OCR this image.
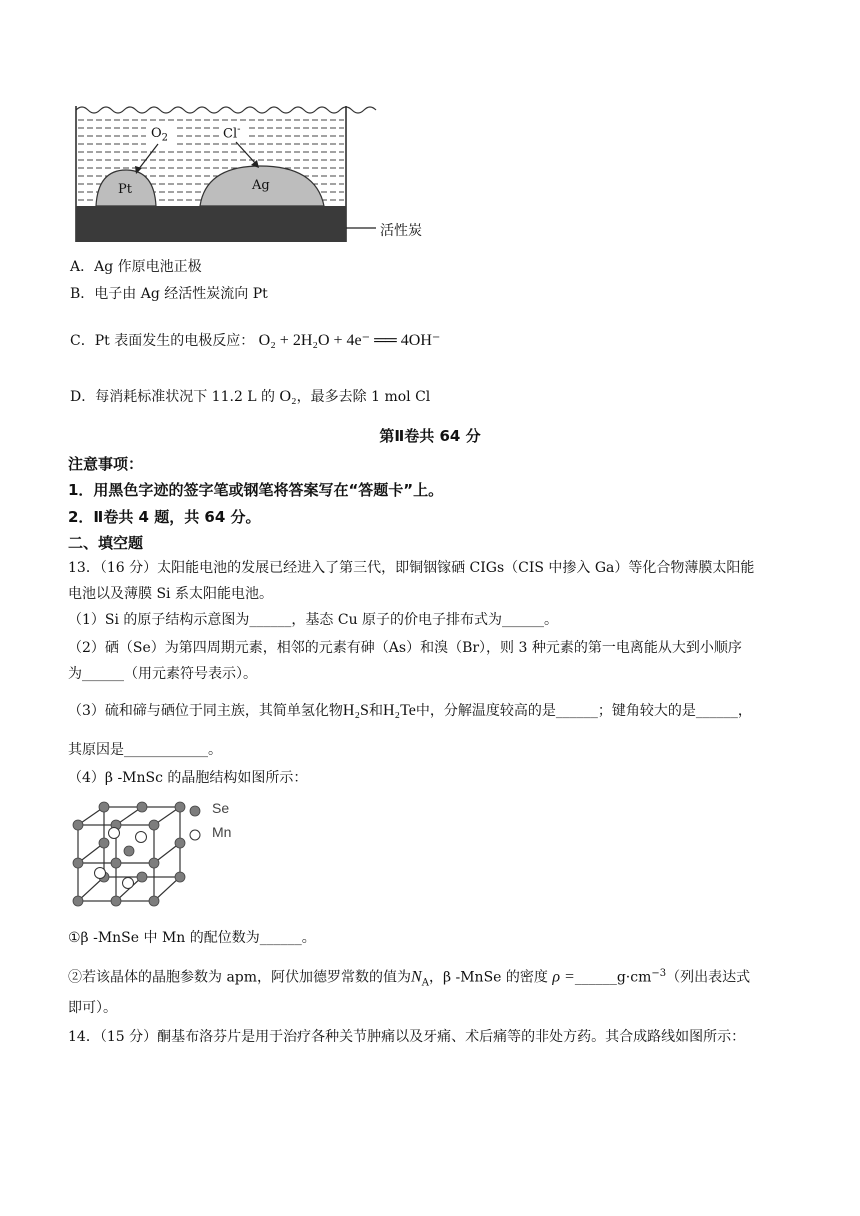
$O_2$	Cl-
Pt	Ag
活性炭
A．Ag 作原电池正极
B．电子由 Ag 经活性炭流向 Pt
C．Pt 表面发生的电极反应： O₂ + 2H₂O + 4e⁻ ══ 4OH⁻
D．每消耗标准状况下 11.2 L 的 O₂，最多去除 1 mol Cl
第Ⅱ卷共 64 分
注意事项：
1．用黑色字迹的签字笔或钢笔将答案写在“答题卡”上。
2．Ⅱ卷共 4 题，共 64 分。
二、填空题
13．（16 分）太阳能电池的发展已经进入了第三代，即铜铟镓硒 CIGs（CIS 中掺入 Ga）等化合物薄膜太阳能
电池以及薄膜 Si 系太阳能电池。
（1）Si 的原子结构示意图为______，基态 Cu 原子的价电子排布式为______。
（2）硒（Se）为第四周期元素，相邻的元素有砷（As）和溴（Br），则 3 种元素的第一电离能从大到小顺序
为______（用元素符号表示）。
（3）硫和碲与硒位于同主族，其简单氢化物H₂S和H₂Te中，分解温度较高的是______；键角较大的是______，
其原因是____________。
（4）β -MnSc 的晶胞结构如图所示：
Se
Mn
①β -MnSe 中 Mn 的配位数为______。
②若该晶体的晶胞参数为 apm，阿伏加德罗常数的值为$N_A$，β -MnSe 的密度 $\rho =\_\_\_\_\_\_g\cdot cm^{-3}$（列出表达式
即可）。
14．（15 分）酮基布洛芬片是用于治疗各种关节肿痛以及牙痛、术后痛等的非处方药。其合成路线如图所示：
